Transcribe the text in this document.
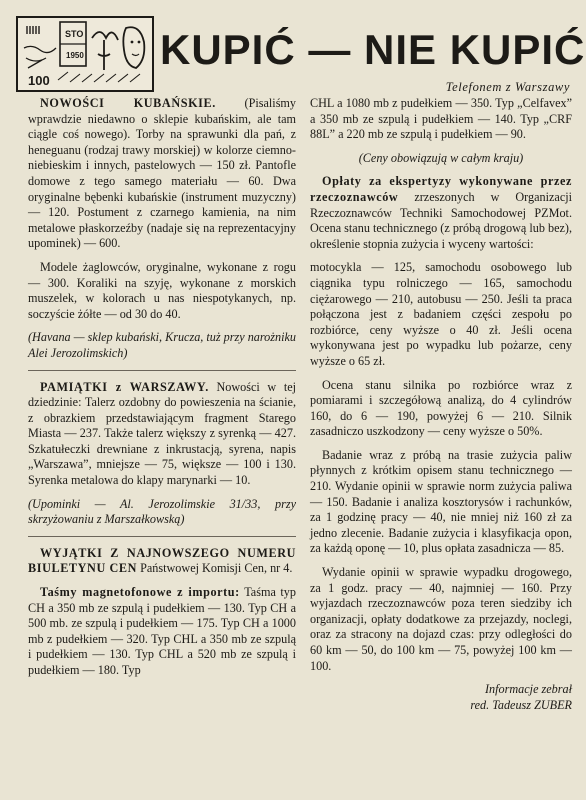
STO
1950
100
KUPIĆ — NIE KUPIĆ
Telefonem z Warszawy

NOWOŚCI KUBAŃSKIE. (Pisaliśmy wprawdzie niedawno o sklepie kubańskim, ale tam ciągle coś nowego). Torby na sprawunki dla pań, z heneguanu (rodzaj trawy morskiej) w kolorze ciemno-niebieskim i innych, pastelowych — 150 zł. Pantofle domowe z tego samego materiału — 60. Dwa oryginalne bębenki kubańskie (instrument muzyczny) — 120. Postument z czarnego kamienia, na nim metalowe płaskorzeźby (nadaje się na reprezentacyjny upominek) — 600.

Modele żaglowców, oryginalne, wykonane z rogu — 300. Koraliki na szyję, wykonane z morskich muszelek, w kolorach u nas niespotykanych, np. soczyście żółte — od 30 do 40.

(Havana — sklep kubański, Krucza, tuż przy narożniku Alei Jerozolimskich)

PAMIĄTKI z WARSZAWY. Nowości w tej dziedzinie: Talerz ozdobny do powieszenia na ścianie, z obrazkiem przedstawiającym fragment Starego Miasta — 237. Także talerz większy z syrenką — 427. Szkatułeczki drewniane z inkrustacją, syrena, napis „Warszawa”, mniejsze — 75, większe — 100 i 130. Syrenka metalowa do klapy marynarki — 10.

(Upominki — Al. Jerozolimskie 31/33, przy skrzyżowaniu z Marszałkowską)

WYJĄTKI Z NAJNOWSZEGO NUMERU BIULETYNU CEN Państwowej Komisji Cen, nr 4.

Taśmy magnetofonowe z importu: Taśma typ CH a 350 mb ze szpulą i pudełkiem — 130. Typ CH a 500 mb. ze szpulą i pudełkiem — 175. Typ CH a 1000 mb z pudełkiem — 320. Typ CHL a 350 mb ze szpulą i pudełkiem — 130. Typ CHL a 520 mb ze szpulą i pudełkiem — 180. Typ

CHL a 1080 mb z pudełkiem — 350. Typ „Celfavex” a 350 mb ze szpulą i pudełkiem — 140. Typ „CRF 88L” a 220 mb ze szpulą i pudełkiem — 90.

(Ceny obowiązują w całym kraju)

Opłaty za ekspertyzy wykonywane przez rzeczoznawców zrzeszonych w Organizacji Rzeczoznawców Techniki Samochodowej PZMot. Ocena stanu technicznego (z próbą drogową lub bez), określenie stopnia zużycia i wyceny wartości:

motocykla — 125, samochodu osobowego lub ciągnika typu rolniczego — 165, samochodu ciężarowego — 210, autobusu — 250. Jeśli ta praca połączona jest z badaniem części zespołu po rozbiórce, ceny wyższe o 40 zł. Jeśli ocena wykonywana jest po wypadku lub pożarze, ceny wyższe o 65 zł.

Ocena stanu silnika po rozbiórce wraz z pomiarami i szczegółową analizą, do 4 cylindrów 160, do 6 — 190, powyżej 6 — 210. Silnik zasadniczo uszkodzony — ceny wyższe o 50%.

Badanie wraz z próbą na trasie zużycia paliw płynnych z krótkim opisem stanu technicznego — 210. Wydanie opinii w sprawie norm zużycia paliwa — 150. Badanie i analiza kosztorysów i rachunków, za 1 godzinę pracy — 40, nie mniej niż 160 zł za jedno zlecenie. Badanie zużycia i klasyfikacja opon, za każdą oponę — 10, plus opłata zasadnicza — 85.

Wydanie opinii w sprawie wypadku drogowego, za 1 godz. pracy — 40, najmniej — 160. Przy wyjazdach rzeczoznawców poza teren siedziby ich organizacji, opłaty dodatkowe za przejazdy, noclegi, oraz za stracony na dojazd czas: przy odległości do 60 km — 50, do 100 km — 75, powyżej 100 km — 100.

Informacje zebrał
red. Tadeusz ZUBER
